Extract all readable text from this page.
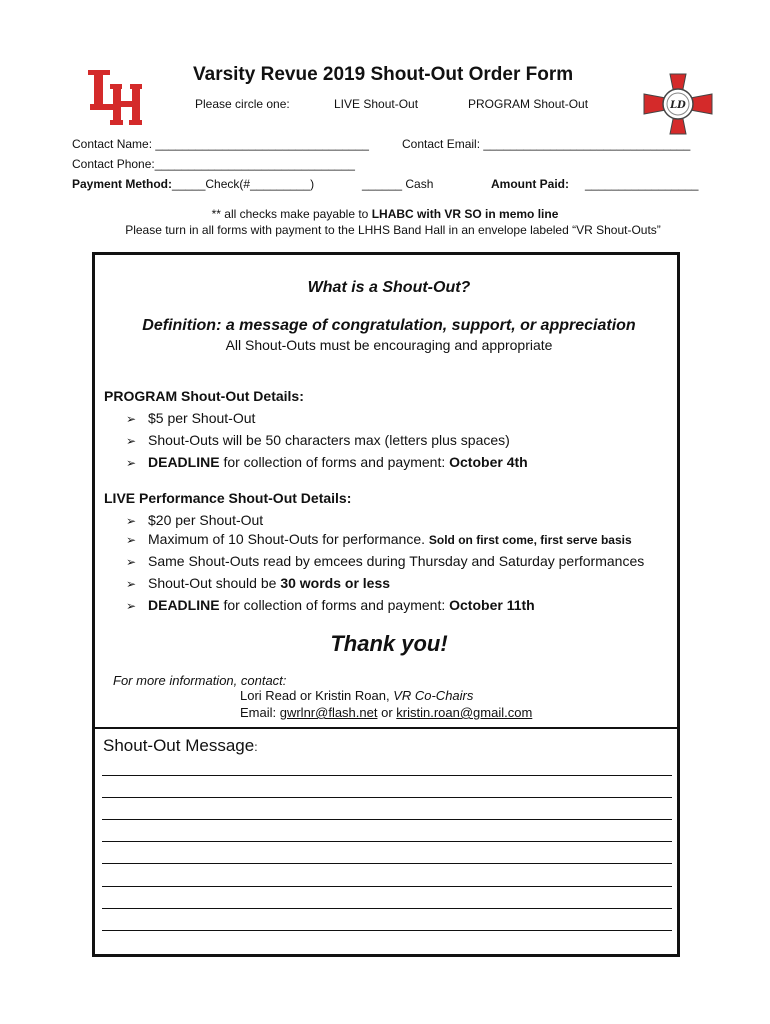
LD
Varsity Revue 2019 Shout-Out Order Form
Please circle one:	LIVE Shout-Out	PROGRAM Shout-Out
Contact Name: ________________________________	Contact Email: _______________________________
Contact Phone:______________________________
Payment Method:_____Check(#_________)	______ Cash	Amount Paid: _________________
** all checks make payable to LHABC with VR SO in memo line
Please turn in all forms with payment to the LHHS Band Hall in an envelope labeled “VR Shout-Outs”
What is a Shout-Out?
Definition: a message of congratulation, support, or appreciation
All Shout-Outs must be encouraging and appropriate
PROGRAM Shout-Out Details:
➢ $5 per Shout-Out
➢ Shout-Outs will be 50 characters max (letters plus spaces)
➢ DEADLINE for collection of forms and payment: October 4th
LIVE Performance Shout-Out Details:
➢ $20 per Shout-Out
➢ Maximum of 10 Shout-Outs for performance. Sold on first come, first serve basis
➢ Same Shout-Outs read by emcees during Thursday and Saturday performances
➢ Shout-Out should be 30 words or less
➢ DEADLINE for collection of forms and payment: October 11th
Thank you!
For more information, contact:
Lori Read or Kristin Roan, VR Co-Chairs
Email: gwrlnr@flash.net or kristin.roan@gmail.com
Shout-Out Message:
